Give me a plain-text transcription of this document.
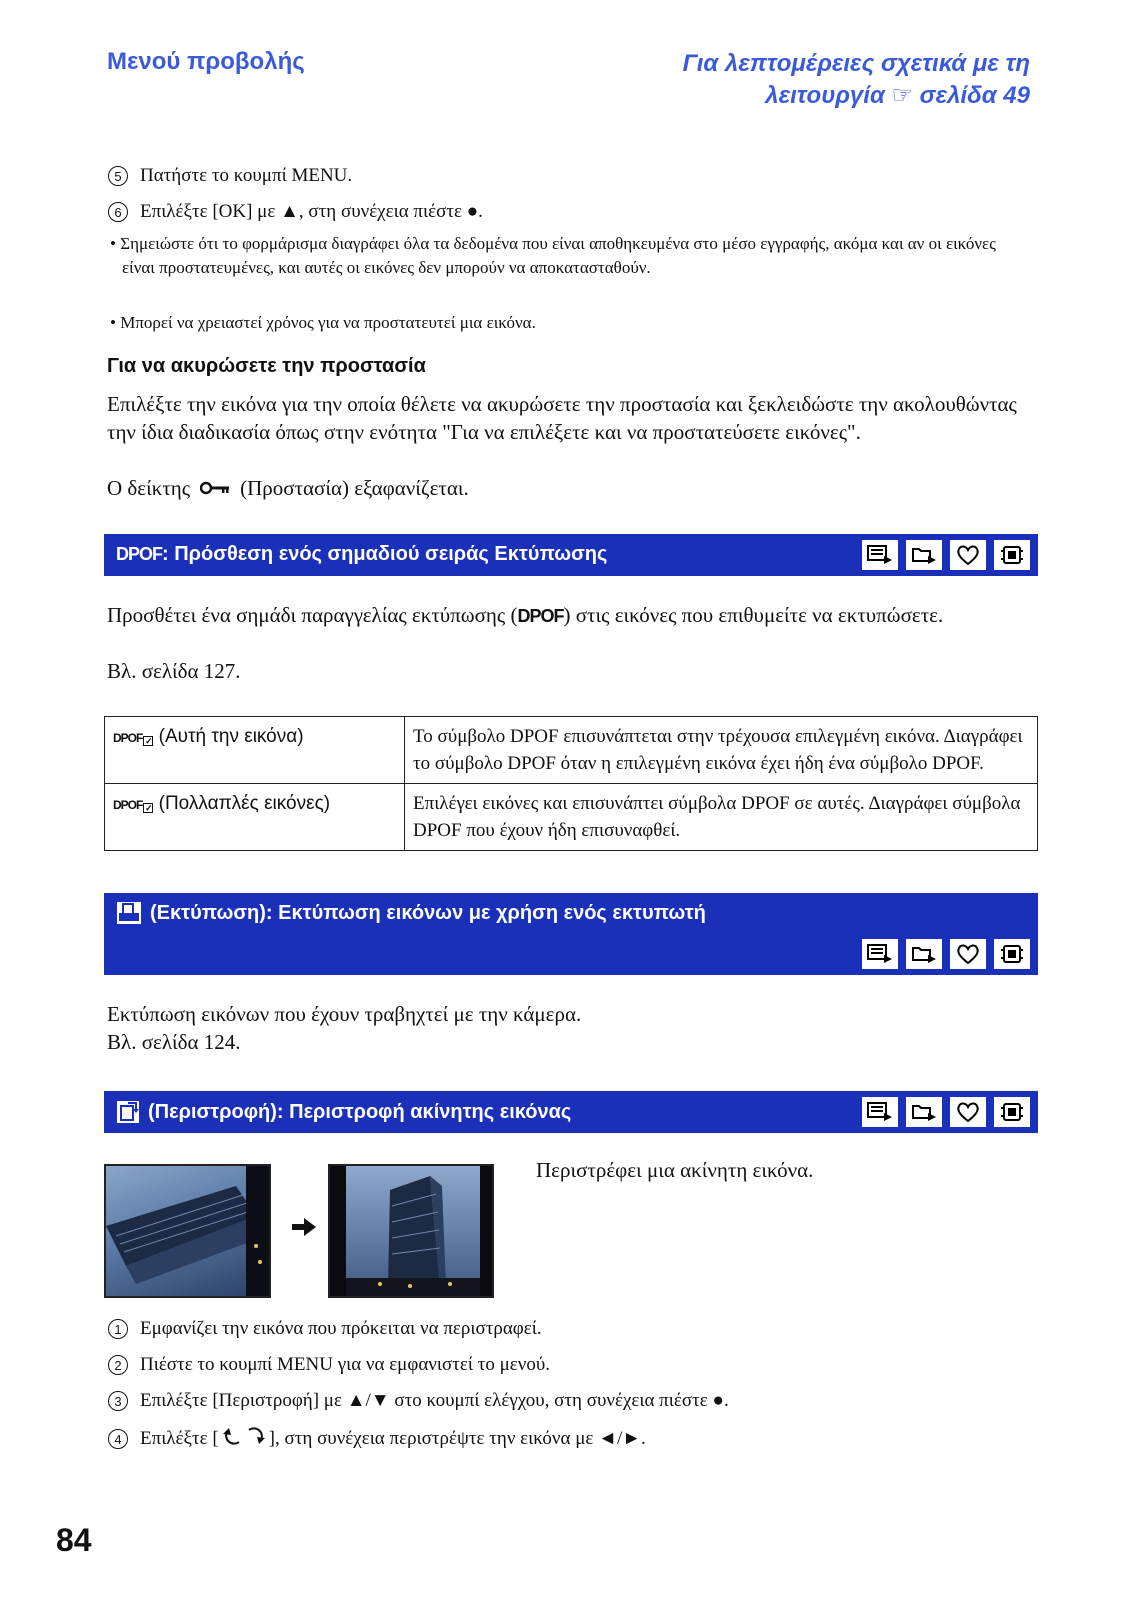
Μενού προβολής	Για λεπτομέρειες σχετικά με τη
λειτουργία ☞ σελίδα 49
5 Πατήστε το κουμπί MENU.
6 Επιλέξτε [OK] με ▲, στη συνέχεια πιέστε ●.
• Σημειώστε ότι το φορμάρισμα διαγράφει όλα τα δεδομένα που είναι αποθηκευμένα στο μέσο εγγραφής, ακόμα και αν οι εικόνες είναι προστατευμένες, και αυτές οι εικόνες δεν μπορούν να αποκατασταθούν.
• Μπορεί να χρειαστεί χρόνος για να προστατευτεί μια εικόνα.
Για να ακυρώσετε την προστασία
Επιλέξτε την εικόνα για την οποία θέλετε να ακυρώσετε την προστασία και ξεκλειδώστε την ακολουθώντας την ίδια διαδικασία όπως στην ενότητα "Για να επιλέξετε και να προστατεύσετε εικόνες".
Ο δείκτης (Προστασία) εξαφανίζεται.
DPOF : Πρόσθεση ενός σημαδιού σειράς Εκτύπωσης
Προσθέτει ένα σημάδι παραγγελίας εκτύπωσης (DPOF) στις εικόνες που επιθυμείτε να εκτυπώσετε.
Βλ. σελίδα 127.
DPOF ✓ (Αυτή την εικόνα)	Το σύμβολο DPOF επισυνάπτεται στην τρέχουσα επιλεγμένη εικόνα. Διαγράφει το σύμβολο DPOF όταν η επιλεγμένη εικόνα έχει ήδη ένα σύμβολο DPOF.
DPOF ✓ (Πολλαπλές εικόνες)	Επιλέγει εικόνες και επισυνάπτει σύμβολα DPOF σε αυτές. Διαγράφει σύμβολα DPOF που έχουν ήδη επισυναφθεί.
(Εκτύπωση): Εκτύπωση εικόνων με χρήση ενός εκτυπωτή
Εκτύπωση εικόνων που έχουν τραβηχτεί με την κάμερα.
Βλ. σελίδα 124.
(Περιστροφή): Περιστροφή ακίνητης εικόνας
Περιστρέφει μια ακίνητη εικόνα.
1 Εμφανίζει την εικόνα που πρόκειται να περιστραφεί.
2 Πιέστε το κουμπί MENU για να εμφανιστεί το μενού.
3 Επιλέξτε [Περιστροφή] με ▲/▼ στο κουμπί ελέγχου, στη συνέχεια πιέστε ●.
4 Επιλέξτε [	], στη συνέχεια περιστρέψτε την εικόνα με ◄/►.
84
